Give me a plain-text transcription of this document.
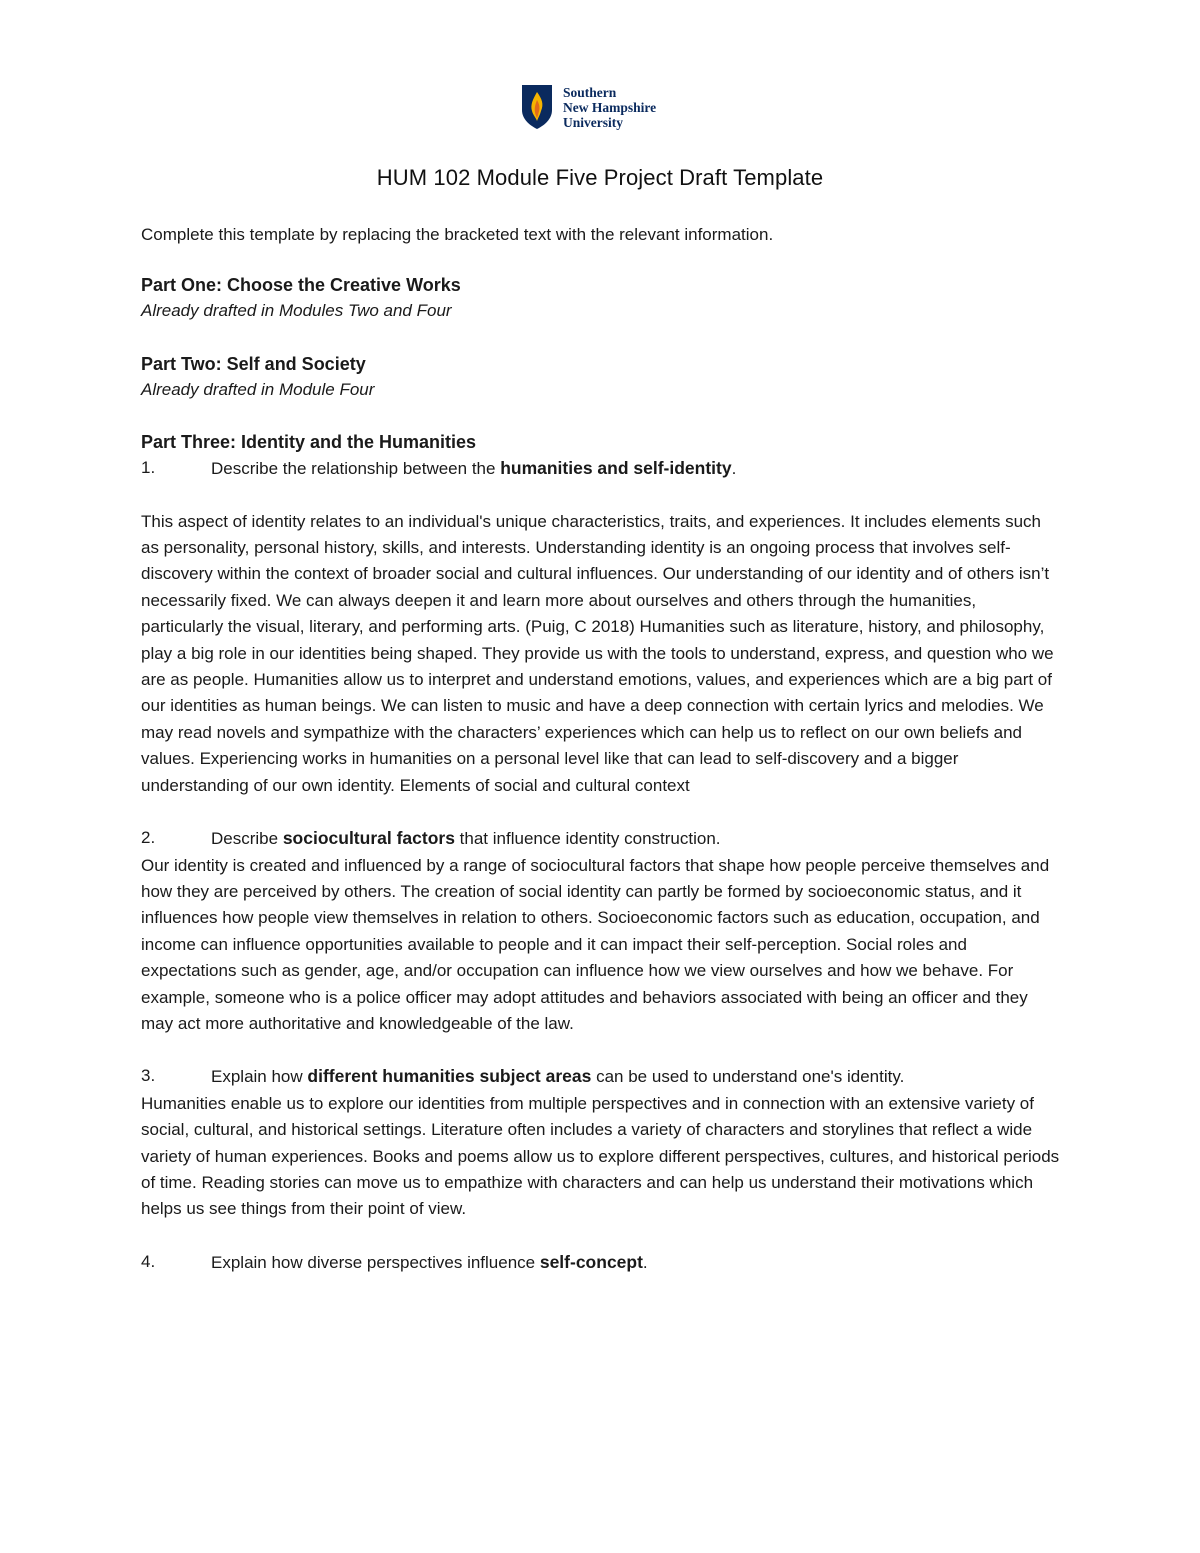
Southern
New Hampshire
University
HUM 102 Module Five Project Draft Template

Complete this template by replacing the bracketed text with the relevant information.

Part One: Choose the Creative Works

Already drafted in Modules Two and Four

Part Two: Self and Society

Already drafted in Module Four

Part Three: Identity and the Humanities

1.	Describe the relationship between the humanities and self-identity.

This aspect of identity relates to an individual's unique characteristics, traits, and experiences. It includes elements such as personality, personal history, skills, and interests. Understanding identity is an ongoing process that involves self-discovery within the context of broader social and cultural influences. Our understanding of our identity and of others isn’t necessarily fixed. We can always deepen it and learn more about ourselves and others through the humanities, particularly the visual, literary, and performing arts. (Puig, C 2018) Humanities such as literature, history, and philosophy, play a big role in our identities being shaped. They provide us with the tools to understand, express, and question who we are as people. Humanities allow us to interpret and understand emotions, values, and experiences which are a big part of our identities as human beings. We can listen to music and have a deep connection with certain lyrics and melodies. We may read novels and sympathize with the characters’ experiences which can help us to reflect on our own beliefs and values. Experiencing works in humanities on a personal level like that can lead to self-discovery and a bigger understanding of our own identity. Elements of social and cultural context

2.	Describe sociocultural factors that influence identity construction.

Our identity is created and influenced by a range of sociocultural factors that shape how people perceive themselves and how they are perceived by others. The creation of social identity can partly be formed by socioeconomic status, and it influences how people view themselves in relation to others. Socioeconomic factors such as education, occupation, and income can influence opportunities available to people and it can impact their self-perception. Social roles and expectations such as gender, age, and/or occupation can influence how we view ourselves and how we behave. For example, someone who is a police officer may adopt attitudes and behaviors associated with being an officer and they may act more authoritative and knowledgeable of the law.

3.	Explain how different humanities subject areas can be used to understand one's identity.

Humanities enable us to explore our identities from multiple perspectives and in connection with an extensive variety of social, cultural, and historical settings. Literature often includes a variety of characters and storylines that reflect a wide variety of human experiences. Books and poems allow us to explore different perspectives, cultures, and historical periods of time. Reading stories can move us to empathize with characters and can help us understand their motivations which helps us see things from their point of view.

4.	Explain how diverse perspectives influence self-concept.
